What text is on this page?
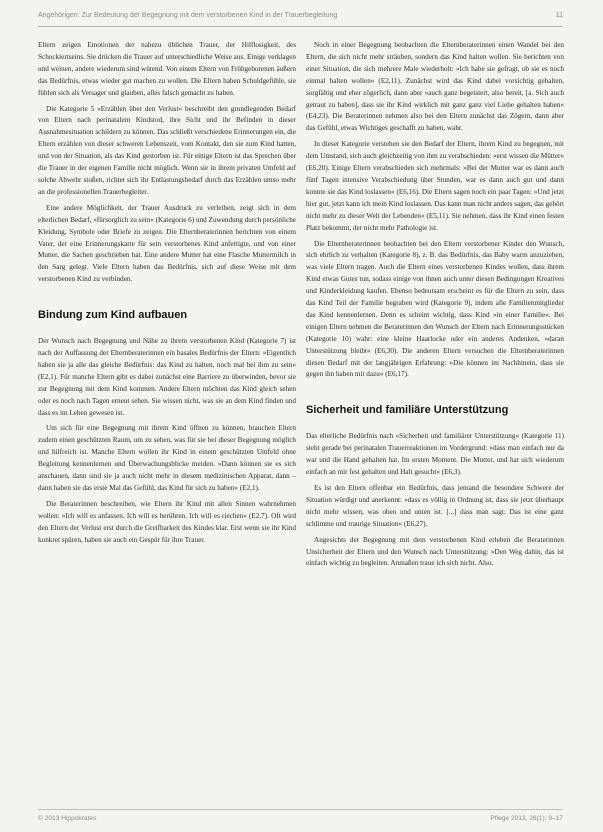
Angehörigen: Zur Bedeutung der Begegnung mit dem verstorbenen Kind in der Trauerbegleitung	11

Eltern zeigen Emotionen der nahezu üblichen Trauer, der Hilflosigkeit, des Schockiertseins. Sie drücken die Trauer auf unterschiedliche Weise aus. Einige verklagen und weinen, andere wiederum sind wütend. Von einem Eltern von Frühgeborenen äußern das Bedürfnis, etwas wieder gut machen zu wollen. Die Eltern haben Schuldgefühle, sie fühlen sich als Versager und glauben, alles falsch gemacht zu haben.

Die Kategorie 5 »Erzählen über den Verlust« beschreibt den grundlegenden Bedarf von Eltern nach perinatalem Kindstod, ihre Sicht und ihr Befinden in dieser Ausnahmesituation schildern zu können. Das schließt verschiedene Erinnerungen ein, die Eltern erzählen von dieser schweren Lebenszeit, vom Kontakt, den sie zum Kind hatten, und von der Situation, als das Kind gestorben ist. Für einige Eltern ist das Sprechen über die Trauer in der eigenen Familie nicht möglich. Wenn sie in ihrem privaten Umfeld auf solche Abwehr stoßen, richtet sich ihr Entlastungsbedarf durch das Erzählen umso mehr an die professionellen Trauerbegleiter.

Eine andere Möglichkeit, der Trauer Ausdruck zu verleihen, zeigt sich in dem elterlichen Bedarf, »fürsorglich zu sein« (Kategorie 6) und Zuwendung durch persönliche Kleidung, Symbole oder Briefe zu zeigen. Die Elternberaterinnen berichten von einem Vater, der eine Erinnerungskarte für sein verstorbenes Kind anfertigte, und von einer Mutter, die Sachen geschrieben hat. Eine andere Mutter hat eine Flasche Muttermilch in den Sarg gelegt. Viele Eltern haben das Bedürfnis, sich auf diese Weise mit dem verstorbenen Kind zu verbinden.

Bindung zum Kind aufbauen

Der Wunsch nach Begegnung und Nähe zu ihrem verstorbenen Kind (Kategorie 7) ist nach der Auffassung der Elternberaterinnen ein basales Bedürfnis der Eltern: »Eigentlich haben sie ja alle das gleiche Bedürfnis: das Kind zu halten, noch mal bei ihm zu sein« (E2,1). Für manche Eltern gibt es dabei zunächst eine Barriere zu überwinden, bevor sie zur Begegnung mit dem Kind kommen. Andere Eltern möchten das Kind gleich sehen oder es noch nach Tagen erneut sehen. Sie wissen nicht, was sie an dem Kind finden und dass es im Leben gewesen ist.

Um sich für eine Begegnung mit ihrem Kind öffnen zu können, brauchen Eltern zudem einen geschützten Raum, um zu sehen, was für sie bei dieser Begegnung möglich und hilfreich ist. Manche Eltern wollen ihr Kind in einem geschützten Umfeld ohne Begleitung kennenlernen und Überwachungsblicke meiden. »Dann können sie es sich anschauen, dann sind sie ja auch nicht mehr in diesem medizinischen Apparat, dann – dann haben sie das erste Mal das Gefühl, das Kind für sich zu haben« (E2,1).

Die Beraterinnen beschreiben, wie Eltern ihr Kind mit allen Sinnen wahrnehmen wollen: »Ich will es anfassen. Ich will es berühren. Ich will es riechen« (E2,7). Oft wird den Eltern der Verlust erst durch die Greifbarkeit des Kindes klar. Erst wenn sie ihr Kind konkret spüren, haben sie auch ein Gespür für ihre Trauer.

Noch in einer Begegnung beobachten die Elternberaterinnen einen Wandel bei den Eltern, die sich nicht mehr sträuben, sondern das Kind halten wollen. Sie berichten von einer Situation, die sich mehrere Male wiederholt: »Ich habe sie gefragt, ob sie es noch einmal halten wollen« (E2,11). Zunächst wird das Kind dabei vorsichtig gehalten, sorgfältig und eher zögerlich, dann aber »auch ganz begeistert, also bereit, [a. Sich auch getraut zu haben], dass sie ihr Kind wirklich mit ganz ganz viel Liebe gehalten haben« (E4,23). Die Beraterinnen nehmen also bei den Eltern zunächst das Zögern, dann aber das Gefühl, etwas Wichtiges geschafft zu haben, wahr.

In dieser Kategorie verstehen sie den Bedarf der Eltern, ihrem Kind zu begegnen, mit dem Umstand, sich auch gleichzeitig von ihm zu verabschieden: »erst wissen die Mütter« (E6,20). Einige Eltern verabschieden sich mehrmals: »Bei der Mutter war es dann auch fünf Tagen intensive Verabschiedung über Stunden, war es dann auch gut und dann konnte sie das Kind loslassen« (E6,16). Die Eltern sagen noch ein paar Tagen: »Und jetzt hier gut, jetzt kann ich mein Kind loslassen. Das kann man nicht anders sagen, das gehört nicht mehr zu dieser Welt der Lebenden« (E5,11). Sie nehmen, dass ihr Kind einen festen Platz bekommt, der nicht mehr Pathologie ist.

Die Elternberaterinnen beobachten bei den Eltern verstorbener Kinder den Wunsch, sich ehrlich zu verhalten (Kategorie 8), z. B. das Bedürfnis, das Baby warm anzuziehen, was viele Eltern tragen. Auch die Eltern eines verstorbenen Kindes wollen, dass ihrem Kind etwas Gutes tun, sodass einige von ihnen auch unter diesen Bedingungen Kreatives und Kinderkleidung kaufen. Ebenso bedeutsam erscheint es für die Eltern zu sein, dass das Kind Teil der Familie begraben wird (Kategorie 9), indem alle Familienmitglieder das Kind kennenlernen. Denn es scheint wichtig, dass Kind »in einer Familie«. Bei einigen Eltern nehmen die Beraterinnen den Wunsch der Eltern nach Erinnerungsstücken (Kategorie 10) wahr: eine kleine Haarlocke oder ein anderes Andenken, »daran Unterstützung bleibt« (E6,30). Die anderen Eltern versuchen die Elternberaterinnen diesen Bedarf mit der langjährigen Erfahrung: »Die können im Nachhinein, dass sie gegen ihn haben mit dazu« (E6,17).

Sicherheit und familiäre Unterstützung

Das elterliche Bedürfnis nach »Sicherheit und familiärer Unterstützung« (Kategorie 11) steht gerade bei perinatalen Trauerreaktionen im Vordergrund: »dass man einfach nur da war und die Hand gehalten hat. Im ersten Moment. Die Mutter, und hat sich wiederum einfach an mir fest gehalten und Halt gesucht« (E6,3).

Es ist den Eltern offenbar ein Bedürfnis, dass jemand die besondere Schwere der Situation würdigt und anerkennt: »dass es völlig in Ordnung ist, dass sie jetzt überhaupt nicht mehr wissen, was oben und unten ist. [...] dass man sagt: Das ist eine ganz schlimme und traurige Situation« (E6,27).

Angesichts der Begegnung mit dem verstorbenen Kind erleben die Beraterinnen Unsicherheit der Eltern und den Wunsch nach Unterstützung: »Den Weg dahin, das ist einfach wichtig zu begleiten. Anmaßen traue ich sich nicht. Also,

© 2013 Hippokrates	Pflege 2013, 26(1): 9–17
